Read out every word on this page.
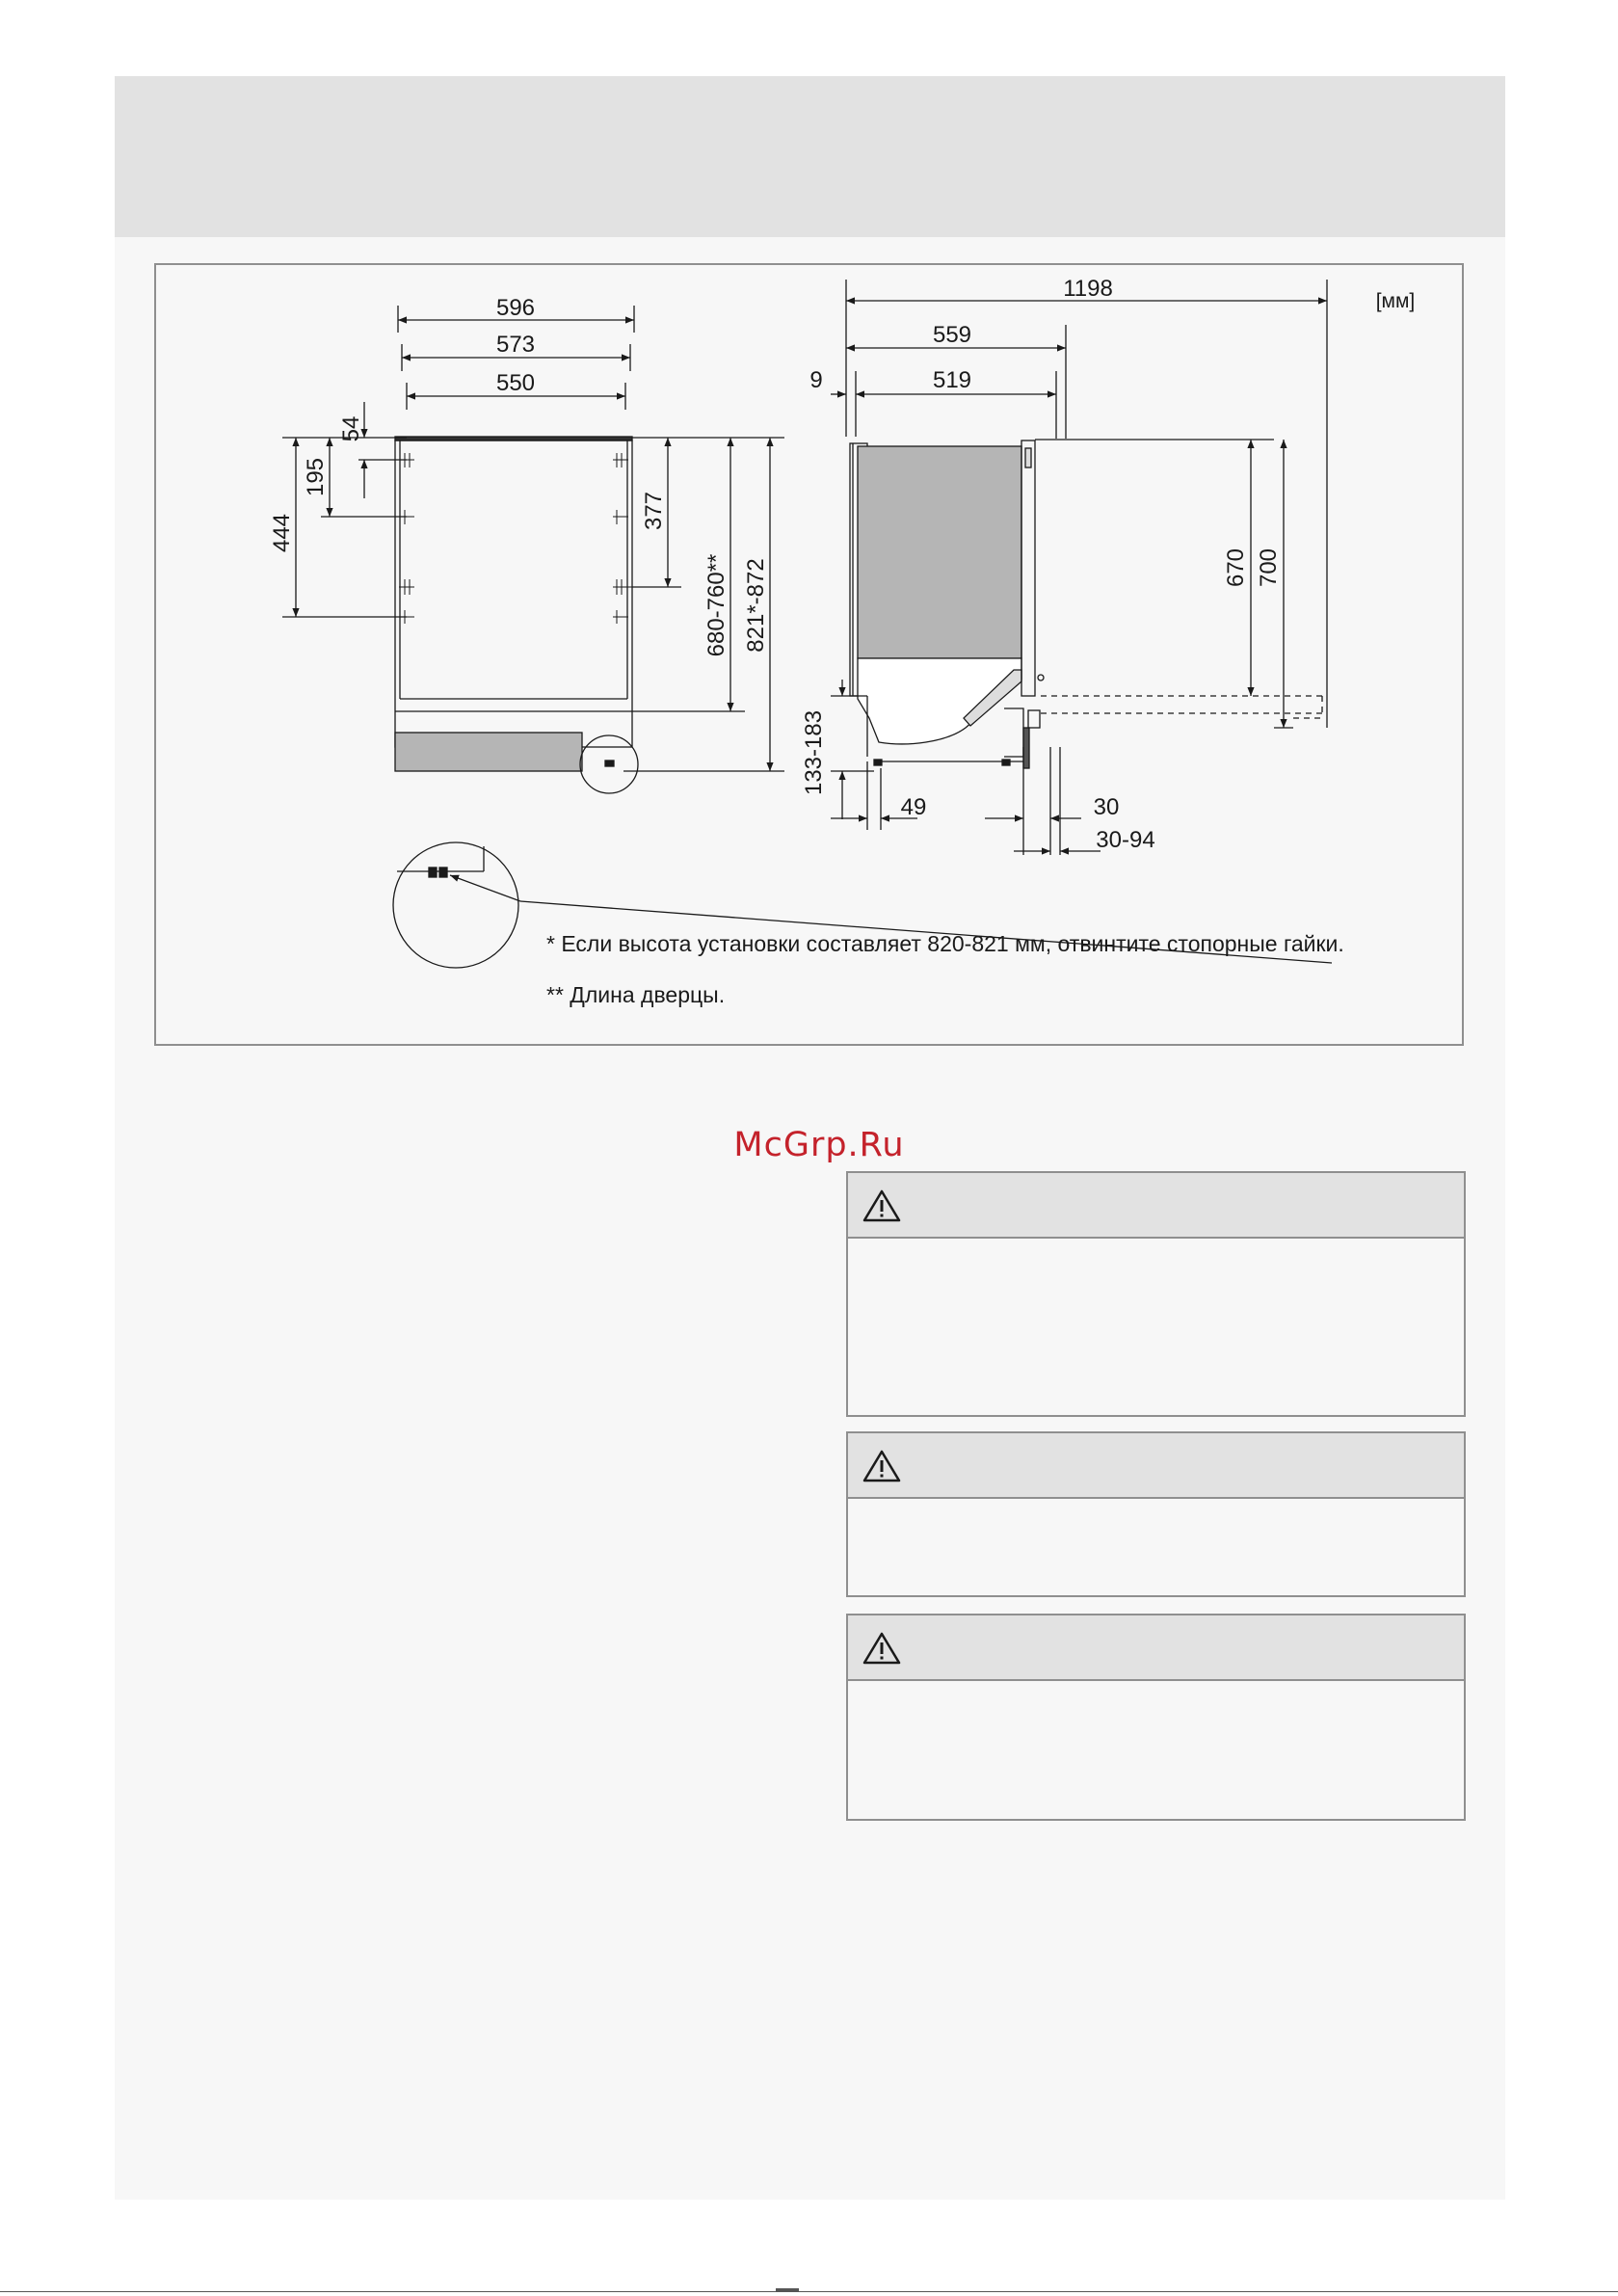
596
573
550
54
195
444
377
680-760** 821*-872
1198	[мм]
559
519
9
670 700
133-183
49	30
30-94
* Если высота установки составляет 820-821 мм, отвинтите стопорные гайки.
** Длина дверцы.
McGrp.Ru
